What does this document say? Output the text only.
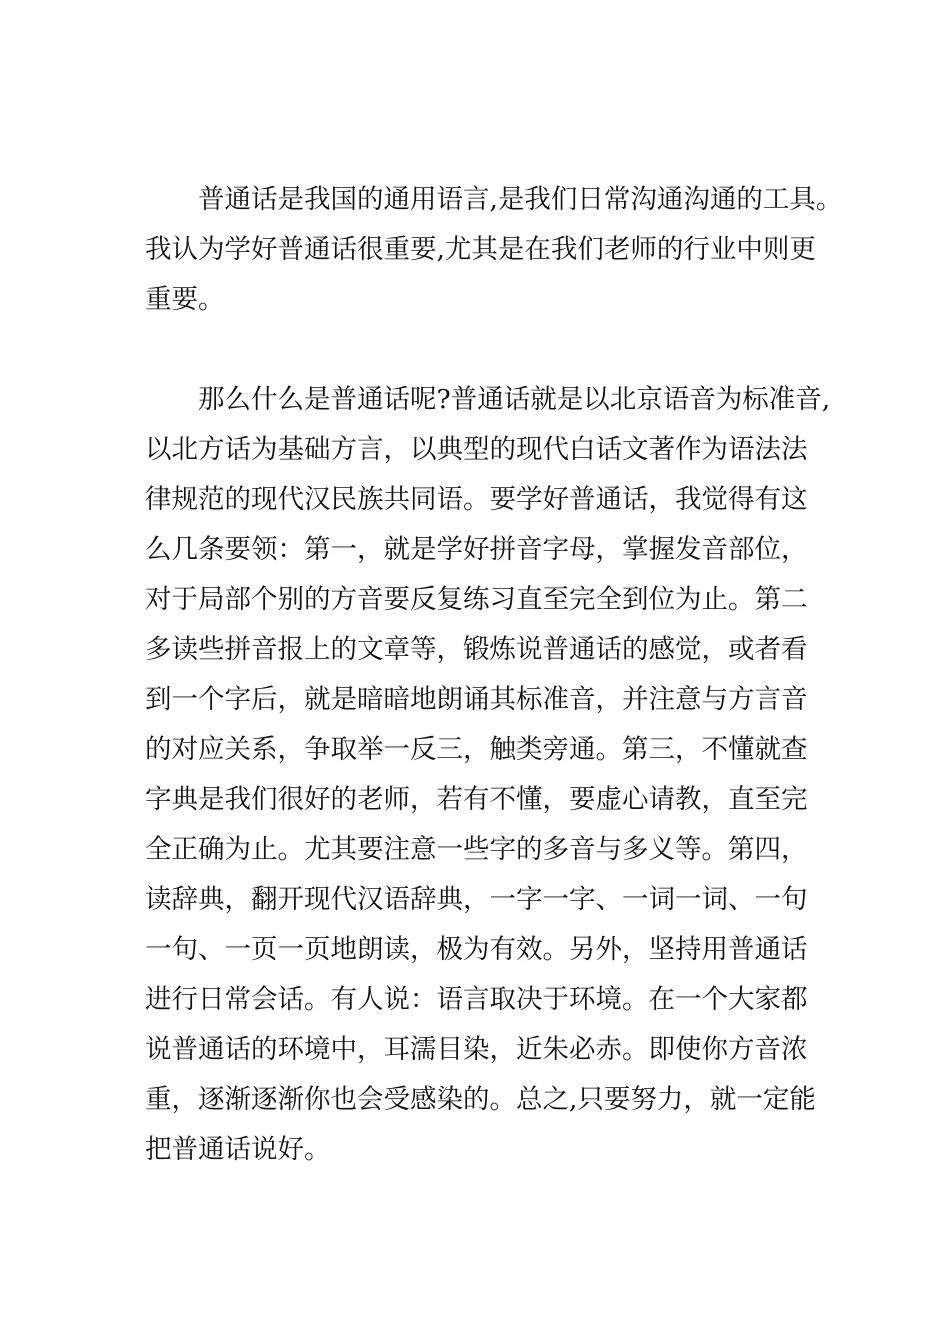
普通话是我国的通用语言,是我们日常沟通沟通的工具。
我认为学好普通话很重要,尤其是在我们老师的行业中则更
重要。
那么什么是普通话呢?普通话就是以北京语音为标准音,
以北方话为基础方言，以典型的现代白话文著作为语法法
律规范的现代汉民族共同语。要学好普通话，我觉得有这
么几条要领：第一，就是学好拼音字母，掌握发音部位，
对于局部个别的方音要反复练习直至完全到位为止。第二
多读些拼音报上的文章等，锻炼说普通话的感觉，或者看
到一个字后，就是暗暗地朗诵其标准音，并注意与方言音
的对应关系，争取举一反三，触类旁通。第三，不懂就查
字典是我们很好的老师，若有不懂，要虚心请教，直至完
全正确为止。尤其要注意一些字的多音与多义等。第四，
读辞典，翻开现代汉语辞典，一字一字、一词一词、一句
一句、一页一页地朗读，极为有效。另外，坚持用普通话
进行日常会话。有人说：语言取决于环境。在一个大家都
说普通话的环境中，耳濡目染，近朱必赤。即使你方音浓
重，逐渐逐渐你也会受感染的。总之,只要努力，就一定能
把普通话说好。
